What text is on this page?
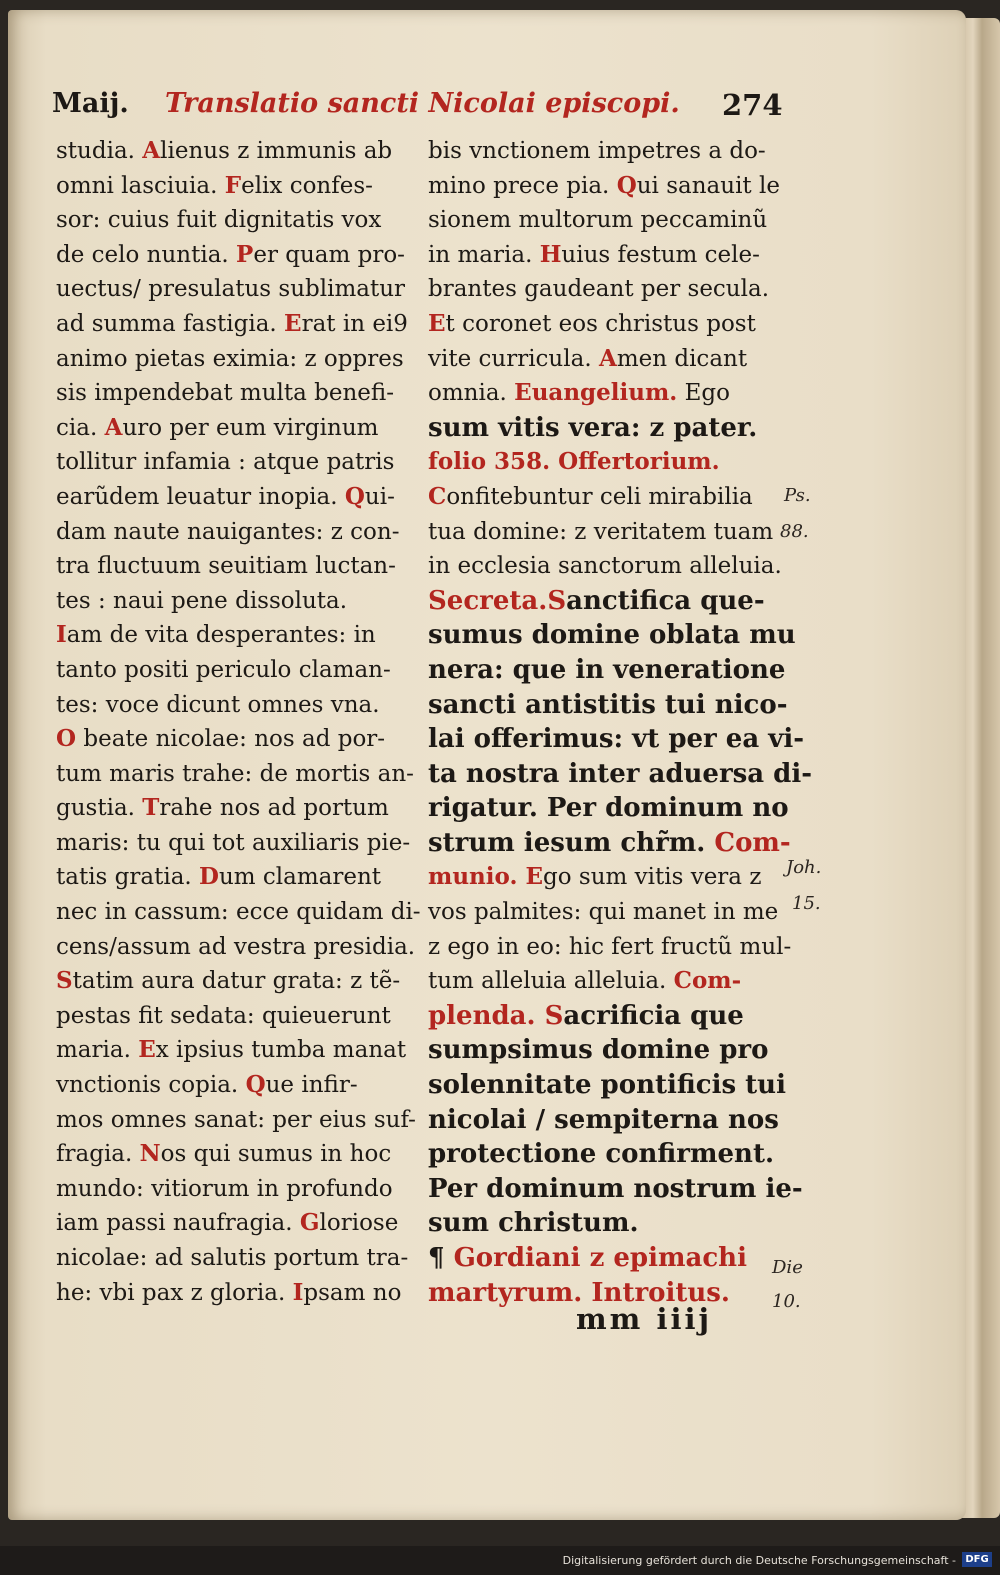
Maij. Translatio sancti Nicolai episcopi. 274
studia. Alienus z immunis ab
omni lasciuia. Felix confes-
sor: cuius fuit dignitatis vox
de celo nuntia. Per quam pro-
uectus/ presulatus sublimatur
ad summa fastigia. Erat in ei9
animo pietas eximia: z oppres
sis impendebat multa benefi-
cia. Auro per eum virginum
tollitur infamia : atque patris
earũdem leuatur inopia. Qui-
dam naute nauigantes: z con-
tra fluctuum seuitiam luctan-
tes : naui pene dissoluta.
Iam de vita desperantes: in
tanto positi periculo claman-
tes: voce dicunt omnes vna.
O beate nicolae: nos ad por-
tum maris trahe: de mortis an-
gustia. Trahe nos ad portum
maris: tu qui tot auxiliaris pie-
tatis gratia. Dum clamarent
nec in cassum: ecce quidam di-
cens/assum ad vestra presidia.
Statim aura datur grata: z tẽ-
pestas fit sedata: quieuerunt
maria. Ex ipsius tumba manat
vnctionis copia. Que infir-
mos omnes sanat: per eius suf-
fragia. Nos qui sumus in hoc
mundo: vitiorum in profundo
iam passi naufragia. Gloriose
nicolae: ad salutis portum tra-
he: vbi pax z gloria. Ipsam no
bis vnctionem impetres a do-
mino prece pia. Qui sanauit le
sionem multorum peccaminũ
in maria. Huius festum cele-
brantes gaudeant per secula.
Et coronet eos christus post
vite curricula. Amen dicant
omnia. Euangelium. Ego
sum vitis vera: z pater.
folio 358. Offertorium.
Confitebuntur celi mirabilia
tua domine: z veritatem tuam
in ecclesia sanctorum alleluia.
Secreta.Sanctifica que-
sumus domine oblata mu
nera: que in veneratione
sancti antistitis tui nico-
lai offerimus: vt per ea vi-
ta nostra inter aduersa di-
rigatur. Per dominum no
strum iesum chr̃m. Com-
munio. Ego sum vitis vera z
vos palmites: qui manet in me
z ego in eo: hic fert fructũ mul-
tum alleluia alleluia. Com-
plenda. Sacrificia que
sumpsimus domine pro
solennitate pontificis tui
nicolai / sempiterna nos
protectione confirment.
Per dominum nostrum ie-
sum christum.
¶ Gordiani z epimachi
martyrum. Introitus.
Ps.
88.
Joh.
15.
Die
10.
mm iiij
Digitalisierung gefördert durch die Deutsche Forschungsgemeinschaft - DFG
